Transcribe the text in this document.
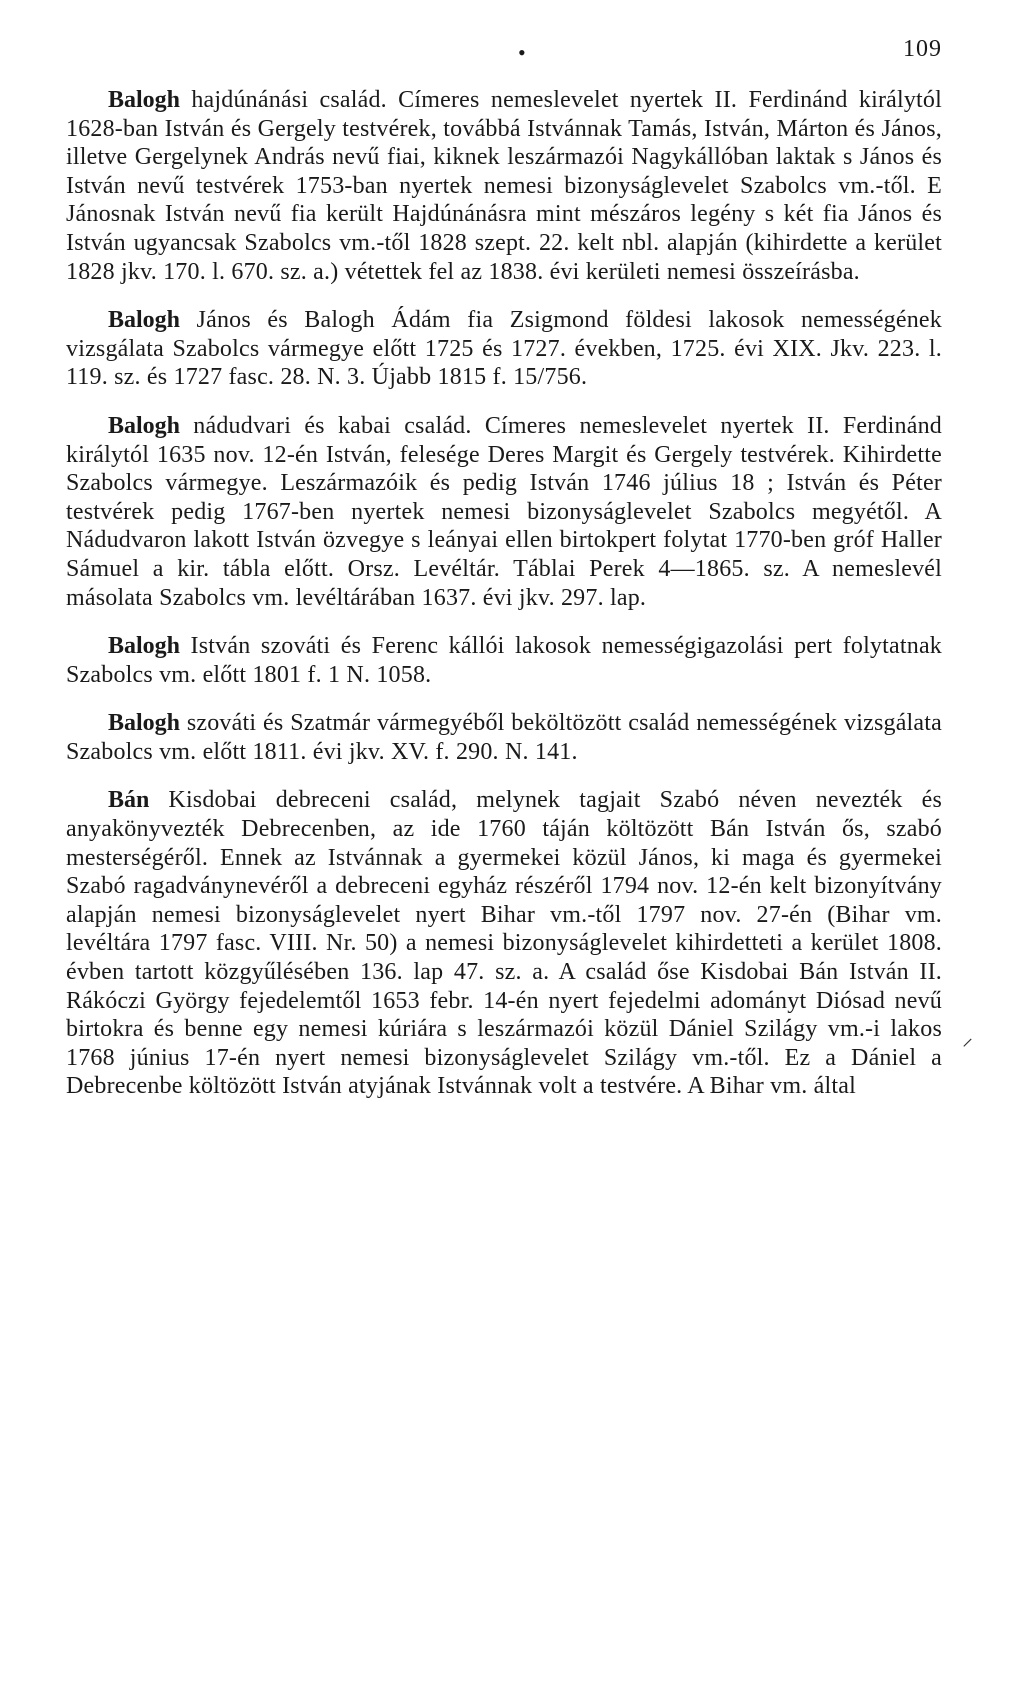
•	109

Balogh hajdúnánási család. Címeres nemeslevelet nyertek II. Ferdinánd királytól 1628-ban István és Gergely testvérek, továbbá Istvánnak Tamás, István, Márton és János, illetve Gergelynek András nevű fiai, kiknek leszármazói Nagykállóban laktak s János és István nevű testvérek 1753-ban nyertek nemesi bizonyságlevelet Szabolcs vm.-től. E Jánosnak István nevű fia került Hajdúnánásra mint mészáros legény s két fia János és István ugyancsak Szabolcs vm.-től 1828 szept. 22. kelt nbl. alapján (kihirdette a kerület 1828 jkv. 170. l. 670. sz. a.) vétettek fel az 1838. évi kerületi nemesi összeírásba.

Balogh János és Balogh Ádám fia Zsigmond földesi lakosok nemességének vizsgálata Szabolcs vármegye előtt 1725 és 1727. években, 1725. évi XIX. Jkv. 223. l. 119. sz. és 1727 fasc. 28. N. 3. Újabb 1815 f. 15/756.

Balogh nádudvari és kabai család. Címeres nemeslevelet nyertek II. Ferdinánd királytól 1635 nov. 12-én István, felesége Deres Margit és Gergely testvérek. Kihirdette Szabolcs vármegye. Leszármazóik és pedig István 1746 július 18 ; István és Péter testvérek pedig 1767-ben nyertek nemesi bizonyságlevelet Szabolcs megyétől. A Nádudvaron lakott István özvegye s leányai ellen birtokpert folytat 1770-ben gróf Haller Sámuel a kir. tábla előtt. Orsz. Levéltár. Táblai Perek 4—1865. sz. A nemeslevél másolata Szabolcs vm. levéltárában 1637. évi jkv. 297. lap.

Balogh István szováti és Ferenc kállói lakosok nemességigazolási pert folytatnak Szabolcs vm. előtt 1801 f. 1 N. 1058.

Balogh szováti és Szatmár vármegyéből beköltözött család nemességének vizsgálata Szabolcs vm. előtt 1811. évi jkv. XV. f. 290. N. 141.

Bán Kisdobai debreceni család, melynek tagjait Szabó néven nevezték és anyakönyvezték Debrecenben, az ide 1760 táján költözött Bán István ős, szabó mesterségéről. Ennek az Istvánnak a gyermekei közül János, ki maga és gyermekei Szabó ragadványnevéről a debreceni egyház részéről 1794 nov. 12-én kelt bizonyítvány alapján nemesi bizonyságlevelet nyert Bihar vm.-től 1797 nov. 27-én (Bihar vm. levéltára 1797 fasc. VIII. Nr. 50) a nemesi bizonyságlevelet kihirdetteti a kerület 1808. évben tartott közgyűlésében 136. lap 47. sz. a. A család őse Kisdobai Bán István II. Rákóczi György fejedelemtől 1653 febr. 14-én nyert fejedelmi adományt Diósad nevű birtokra és benne egy nemesi kúriára s leszármazói közül Dániel Szilágy vm.-i lakos 1768 június 17-én nyert nemesi bizonyságlevelet Szilágy vm.-től. Ez a Dániel a Debrecenbe költözött István atyjának Istvánnak volt a testvére. A Bihar vm. által

⸝
